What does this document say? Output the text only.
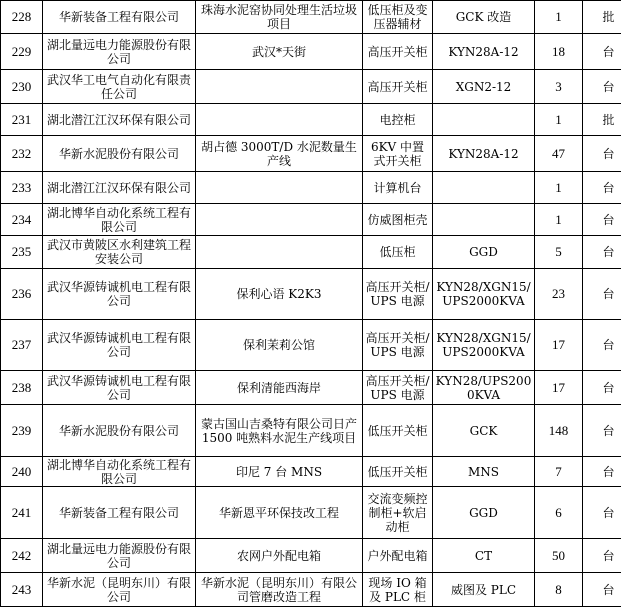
228	华新装备工程有限公司	珠海水泥窑协同处理生活垃圾项目	低压柜及变压器辅材	GCK 改造	1	批
229	湖北量远电力能源股份有限公司	武汉*天街	高压开关柜	KYN28A-12	18	台
230	武汉华工电气自动化有限责任公司		高压开关柜	XGN2-12	3	台
231	湖北潜江江汉环保有限公司		电控柜		1	批
232	华新水泥股份有限公司	胡占德 3000T/D 水泥数量生产线	6KV 中置式开关柜	KYN28A-12	47	台
233	湖北潜江江汉环保有限公司		计算机台		1	台
234	湖北博华自动化系统工程有限公司		仿威图柜壳		1	台
235	武汉市黄陂区水利建筑工程安装公司		低压柜	GGD	5	台
236	武汉华源铸诚机电工程有限公司	保利心语 K2K3	高压开关柜/UPS 电源	KYN28/XGN15/UPS2000KVA	23	台
237	武汉华源铸诚机电工程有限公司	保利茉莉公馆	高压开关柜/UPS 电源	KYN28/XGN15/UPS2000KVA	17	台
238	武汉华源铸诚机电工程有限公司	保利清能西海岸	高压开关柜/UPS 电源	KYN28/UPS2000KVA	17	台
239	华新水泥股份有限公司	蒙古国山吉桑特有限公司日产 1500 吨熟料水泥生产线项目	低压开关柜	GCK	148	台
240	湖北博华自动化系统工程有限公司	印尼 7 台 MNS	低压开关柜	MNS	7	台
241	华新装备工程有限公司	华新恩平环保技改工程	交流变频控制柜+软启动柜	GGD	6	台
242	湖北量远电力能源股份有限公司	农网户外配电箱	户外配电箱	CT	50	台
243	华新水泥（昆明东川）有限公司	华新水泥（昆明东川）有限公司管磨改造工程	现场 IO 箱及 PLC 柜	威图及 PLC	8	台
